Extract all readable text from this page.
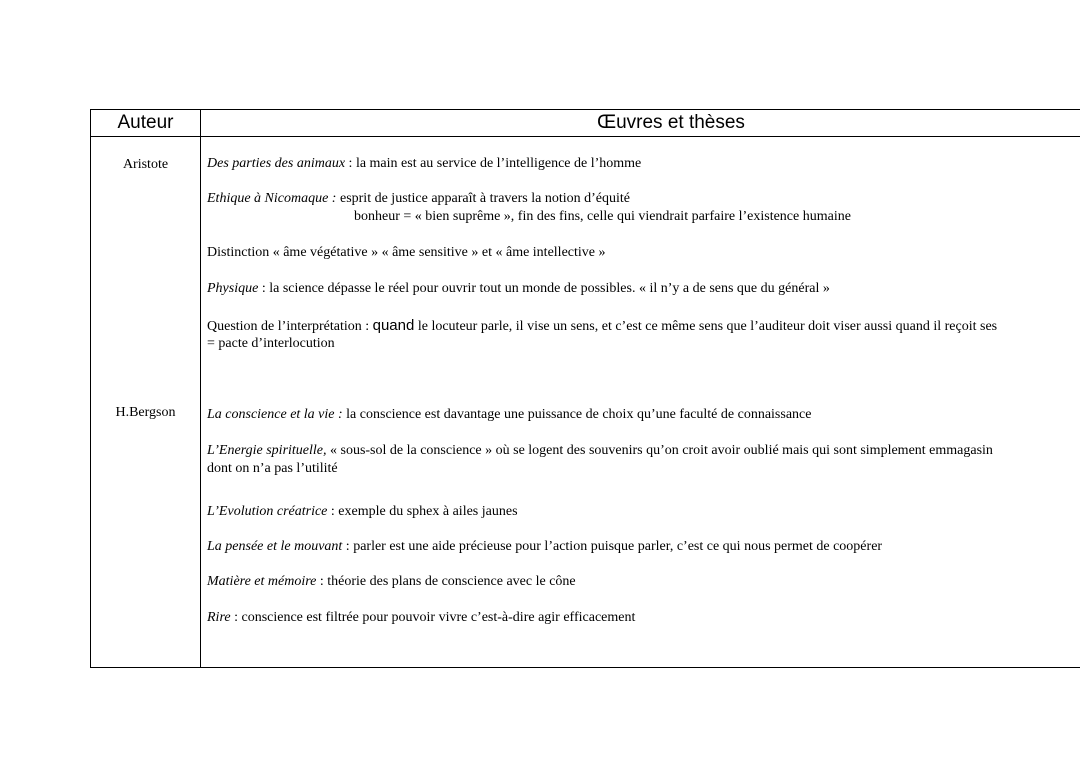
Auteur	Œuvres et thèses
Aristote	Des parties des animaux : la main est au service de l’intelligence de l’homme
Ethique à Nicomaque : esprit de justice apparaît à travers la notion d’équité
bonheur = « bien suprême », fin des fins, celle qui viendrait parfaire l’existence humaine
Distinction « âme végétative » « âme sensitive » et « âme intellective »
Physique : la science dépasse le réel pour ouvrir tout un monde de possibles. « il n’y a de sens que du général »
Question de l’interprétation : quand le locuteur parle, il vise un sens, et c’est ce même sens que l’auditeur doit viser aussi quand il reçoit ses
= pacte d’interlocution
H.Bergson	La conscience et la vie : la conscience est davantage une puissance de choix qu’une faculté de connaissance
L’Energie spirituelle, « sous-sol de la conscience » où se logent des souvenirs qu’on croit avoir oublié mais qui sont simplement emmagasin
dont on n’a pas l’utilité
L’Evolution créatrice : exemple du sphex à ailes jaunes
La pensée et le mouvant : parler est une aide précieuse pour l’action puisque parler, c’est ce qui nous permet de coopérer
Matière et mémoire : théorie des plans de conscience avec le cône
Rire : conscience est filtrée pour pouvoir vivre c’est-à-dire agir efficacement
